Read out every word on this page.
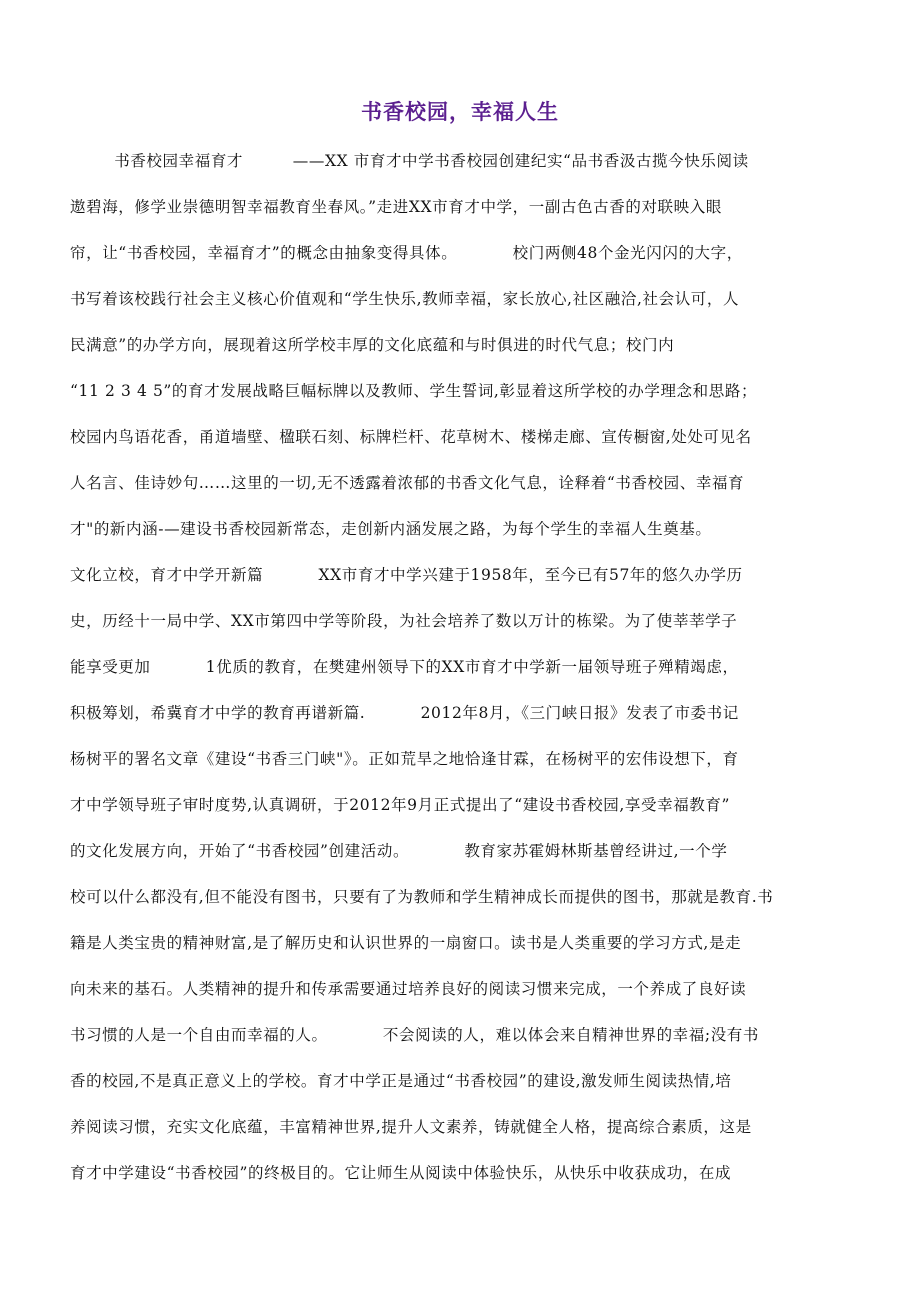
书香校园，幸福人生
书香校园幸福育才         ——XX 市育才中学书香校园创建纪实“品书香汲古揽今快乐阅读
遨碧海，修学业崇德明智幸福教育坐春风。”走进XX市育才中学，一副古色古香的对联映入眼
帘，让“书香校园，幸福育才”的概念由抽象变得具体。          校门两侧48个金光闪闪的大字，
书写着该校践行社会主义核心价值观和“学生快乐,教师幸福，家长放心,社区融洽,社会认可，人
民满意”的办学方向，展现着这所学校丰厚的文化底蕴和与时俱进的时代气息；校门内
“11 2 3 4 5”的育才发展战略巨幅标牌以及教师、学生誓词,彰显着这所学校的办学理念和思路；
校园内鸟语花香，甬道墙壁、楹联石刻、标牌栏杆、花草树木、楼梯走廊、宣传橱窗,处处可见名
人名言、佳诗妙句……这里的一切,无不透露着浓郁的书香文化气息，诠释着“书香校园、幸福育
才"的新内涵-—建设书香校园新常态，走创新内涵发展之路，为每个学生的幸福人生奠基。
文化立校，育才中学开新篇          XX市育才中学兴建于1958年，至今已有57年的悠久办学历
史，历经十一局中学、XX市第四中学等阶段，为社会培养了数以万计的栋梁。为了使莘莘学子
能享受更加          1优质的教育，在樊建州领导下的XX市育才中学新一届领导班子殚精竭虑，
积极筹划，希冀育才中学的教育再谱新篇.          2012年8月，《三门峡日报》发表了市委书记
杨树平的署名文章《建设“书香三门峡"》。正如荒旱之地恰逢甘霖，在杨树平的宏伟设想下，育
才中学领导班子审时度势,认真调研，于2012年9月正式提出了“建设书香校园,享受幸福教育”
的文化发展方向，开始了“书香校园”创建活动。          教育家苏霍姆林斯基曾经讲过,一个学
校可以什么都没有,但不能没有图书，只要有了为教师和学生精神成长而提供的图书，那就是教育.书
籍是人类宝贵的精神财富,是了解历史和认识世界的一扇窗口。读书是人类重要的学习方式,是走
向未来的基石。人类精神的提升和传承需要通过培养良好的阅读习惯来完成，一个养成了良好读
书习惯的人是一个自由而幸福的人。          不会阅读的人，难以体会来自精神世界的幸福;没有书
香的校园,不是真正意义上的学校。育才中学正是通过“书香校园”的建设,激发师生阅读热情,培
养阅读习惯，充实文化底蕴，丰富精神世界,提升人文素养，铸就健全人格，提高综合素质，这是
育才中学建设“书香校园”的终极目的。它让师生从阅读中体验快乐，从快乐中收获成功，在成
